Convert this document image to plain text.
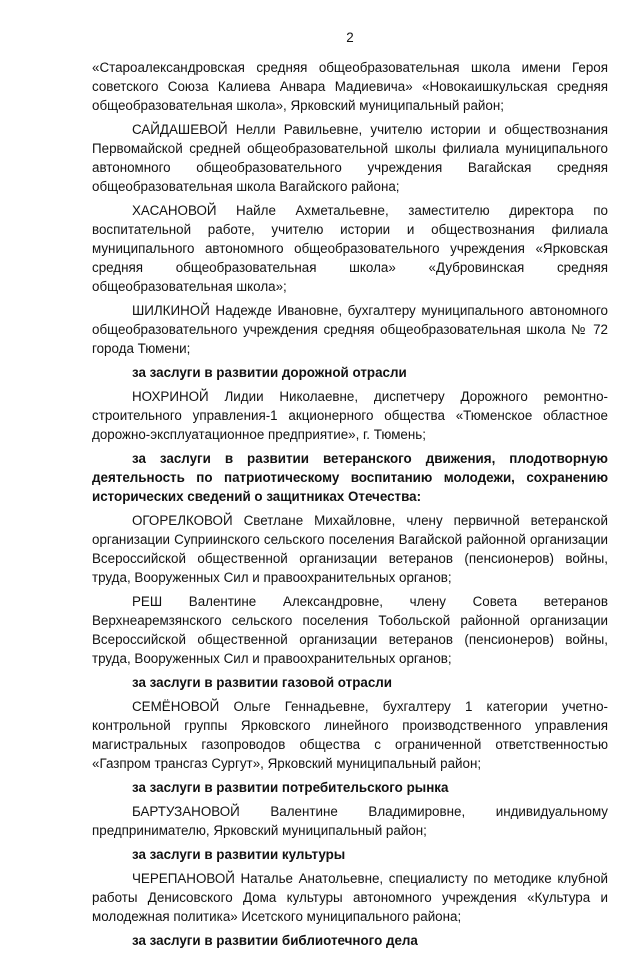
2

«Староалександровская средняя общеобразовательная школа имени Героя советского Союза Калиева Анвара Мадиевича» «Новокаишкульская средняя общеобразовательная школа», Ярковский муниципальный район;

САЙДАШЕВОЙ Нелли Равильевне, учителю истории и обществознания Первомайской средней общеобразовательной школы филиала муниципального автономного общеобразовательного учреждения Вагайская средняя общеобразовательная школа Вагайского района;

ХАСАНОВОЙ Найле Ахметальевне, заместителю директора по воспитательной работе, учителю истории и обществознания филиала муниципального автономного общеобразовательного учреждения «Ярковская средняя общеобразовательная школа» «Дубровинская средняя общеобразовательная школа»;

ШИЛКИНОЙ Надежде Ивановне, бухгалтеру муниципального автономного общеобразовательного учреждения средняя общеобразовательная школа № 72 города Тюмени;

за заслуги в развитии дорожной отрасли

НОХРИНОЙ Лидии Николаевне, диспетчеру Дорожного ремонтно-строительного управления-1 акционерного общества «Тюменское областное дорожно-эксплуатационное предприятие», г. Тюмень;

за заслуги в развитии ветеранского движения, плодотворную деятельность по патриотическому воспитанию молодежи, сохранению исторических сведений о защитниках Отечества:

ОГОРЕЛКОВОЙ Светлане Михайловне, члену первичной ветеранской организации Суприинского сельского поселения Вагайской районной организации Всероссийской общественной организации ветеранов (пенсионеров) войны, труда, Вооруженных Сил и правоохранительных органов;

РЕШ Валентине Александровне, члену Совета ветеранов Верхнеаремзянского сельского поселения Тобольской районной организации Всероссийской общественной организации ветеранов (пенсионеров) войны, труда, Вооруженных Сил и правоохранительных органов;

за заслуги в развитии газовой отрасли

СЕМЁНОВОЙ Ольге Геннадьевне, бухгалтеру 1 категории учетно-контрольной группы Ярковского линейного производственного управления магистральных газопроводов общества с ограниченной ответственностью «Газпром трансгаз Сургут», Ярковский муниципальный район;

за заслуги в развитии потребительского рынка

БАРТУЗАНОВОЙ Валентине Владимировне, индивидуальному предпринимателю, Ярковский муниципальный район;

за заслуги в развитии культуры

ЧЕРЕПАНОВОЙ Наталье Анатольевне, специалисту по методике клубной работы Денисовского Дома культуры автономного учреждения «Культура и молодежная политика» Исетского муниципального района;

за заслуги в развитии библиотечного дела
